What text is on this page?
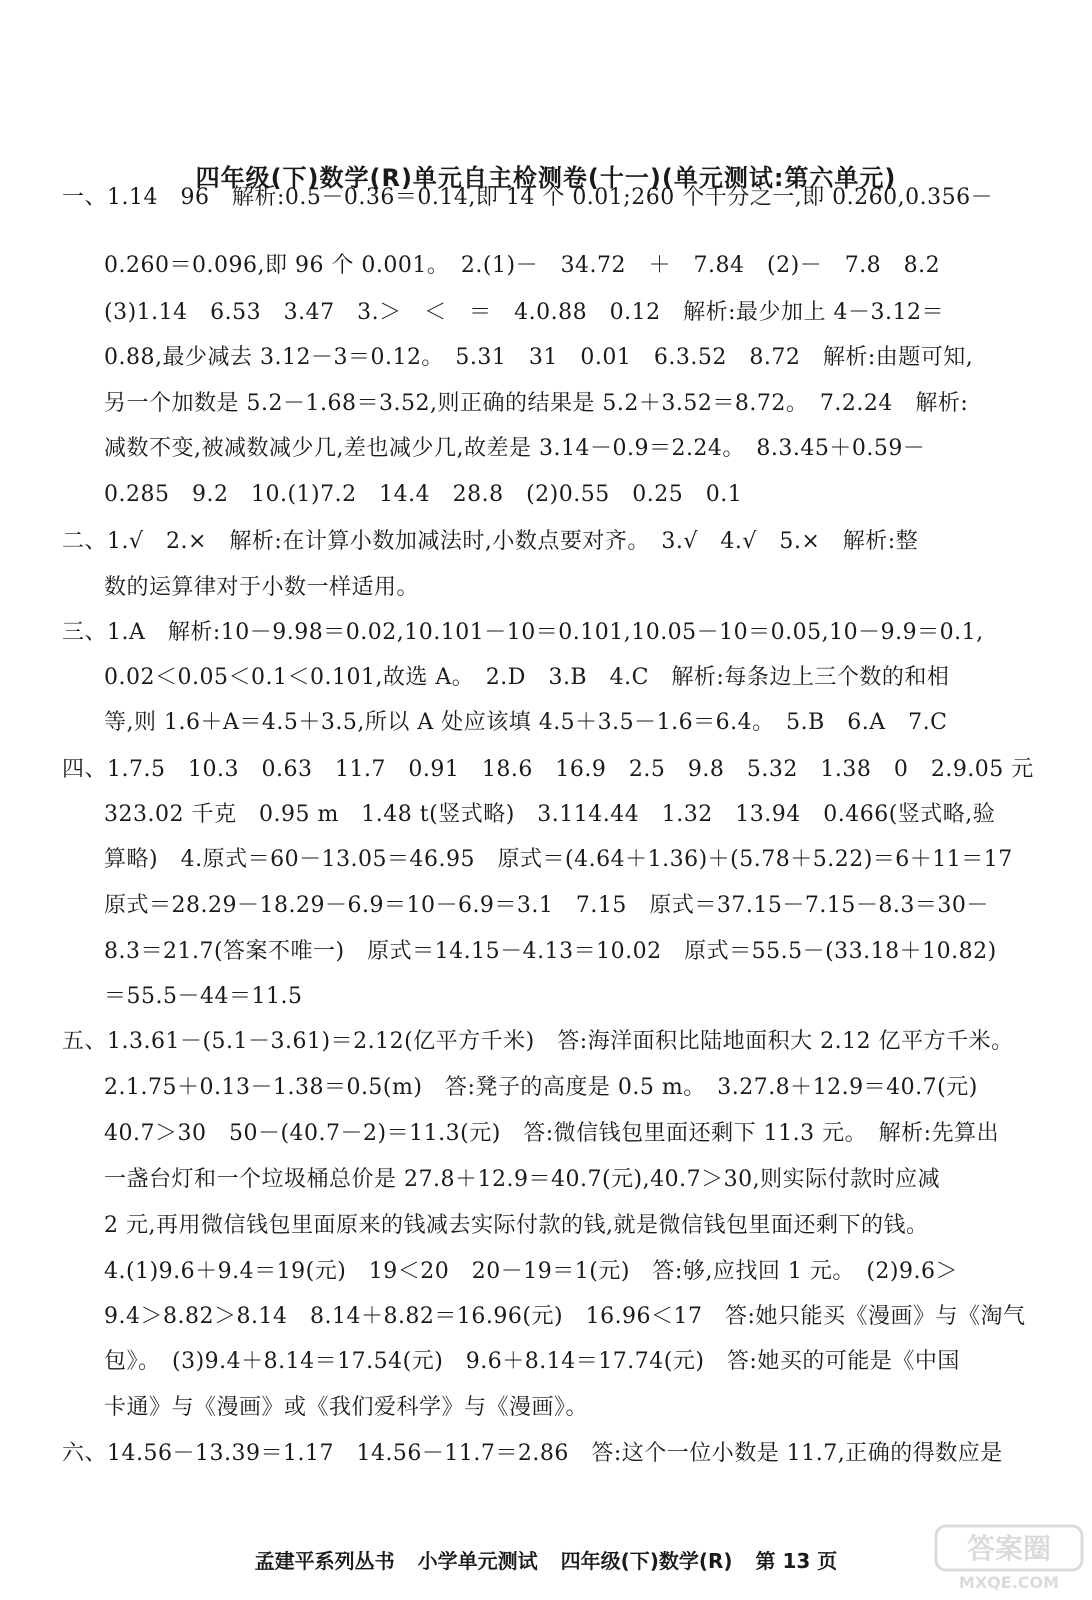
四年级(下)数学(R)单元自主检测卷(十一)(单元测试:第六单元)
一、1.14　96　解析:0.5－0.36＝0.14,即 14 个 0.01;260 个千分之一,即 0.260,0.356－
0.260＝0.096,即 96 个 0.001。　2.(1)－　34.72　＋　7.84　(2)－　7.8　8.2
(3)1.14　6.53　3.47　3.＞　＜　＝　4.0.88　0.12　解析:最少加上 4－3.12＝
0.88,最少减去 3.12－3＝0.12。　5.31　31　0.01　6.3.52　8.72　解析:由题可知,
另一个加数是 5.2－1.68＝3.52,则正确的结果是 5.2＋3.52＝8.72。　7.2.24　解析:
减数不变,被减数减少几,差也减少几,故差是 3.14－0.9＝2.24。　8.3.45＋0.59－
0.285　9.2　10.(1)7.2　14.4　28.8　(2)0.55　0.25　0.1
二、1.√　2.×　解析:在计算小数加减法时,小数点要对齐。　3.√　4.√　5.×　解析:整
数的运算律对于小数一样适用。
三、1.A　解析:10－9.98＝0.02,10.101－10＝0.101,10.05－10＝0.05,10－9.9＝0.1,
0.02＜0.05＜0.1＜0.101,故选 A。　2.D　3.B　4.C　解析:每条边上三个数的和相
等,则 1.6＋A＝4.5＋3.5,所以 A 处应该填 4.5＋3.5－1.6＝6.4。　5.B　6.A　7.C
四、1.7.5　10.3　0.63　11.7　0.91　18.6　16.9　2.5　9.8　5.32　1.38　0　2.9.05 元
323.02 千克　0.95 m　1.48 t(竖式略)　3.114.44　1.32　13.94　0.466(竖式略,验
算略)　4.原式＝60－13.05＝46.95　原式＝(4.64＋1.36)＋(5.78＋5.22)＝6＋11＝17
原式＝28.29－18.29－6.9＝10－6.9＝3.1　7.15　原式＝37.15－7.15－8.3＝30－
8.3＝21.7(答案不唯一)　原式＝14.15－4.13＝10.02　原式＝55.5－(33.18＋10.82)
＝55.5－44＝11.5
五、1.3.61－(5.1－3.61)＝2.12(亿平方千米)　答:海洋面积比陆地面积大 2.12 亿平方千米。
2.1.75＋0.13－1.38＝0.5(m)　答:凳子的高度是 0.5 m。　3.27.8＋12.9＝40.7(元)
40.7＞30　50－(40.7－2)＝11.3(元)　答:微信钱包里面还剩下 11.3 元。　解析:先算出
一盏台灯和一个垃圾桶总价是 27.8＋12.9＝40.7(元),40.7＞30,则实际付款时应减
2 元,再用微信钱包里面原来的钱减去实际付款的钱,就是微信钱包里面还剩下的钱。
4.(1)9.6＋9.4＝19(元)　19＜20　20－19＝1(元)　答:够,应找回 1 元。　(2)9.6＞
9.4＞8.82＞8.14　8.14＋8.82＝16.96(元)　16.96＜17　答:她只能买《漫画》与《淘气
包》。　(3)9.4＋8.14＝17.54(元)　9.6＋8.14＝17.74(元)　答:她买的可能是《中国
卡通》与《漫画》或《我们爱科学》与《漫画》。
六、14.56－13.39＝1.17　14.56－11.7＝2.86　答:这个一位小数是 11.7,正确的得数应是
孟建平系列丛书 小学单元测试 四年级(下)数学(R) 第 13 页	答案圈
MXQE.COM
